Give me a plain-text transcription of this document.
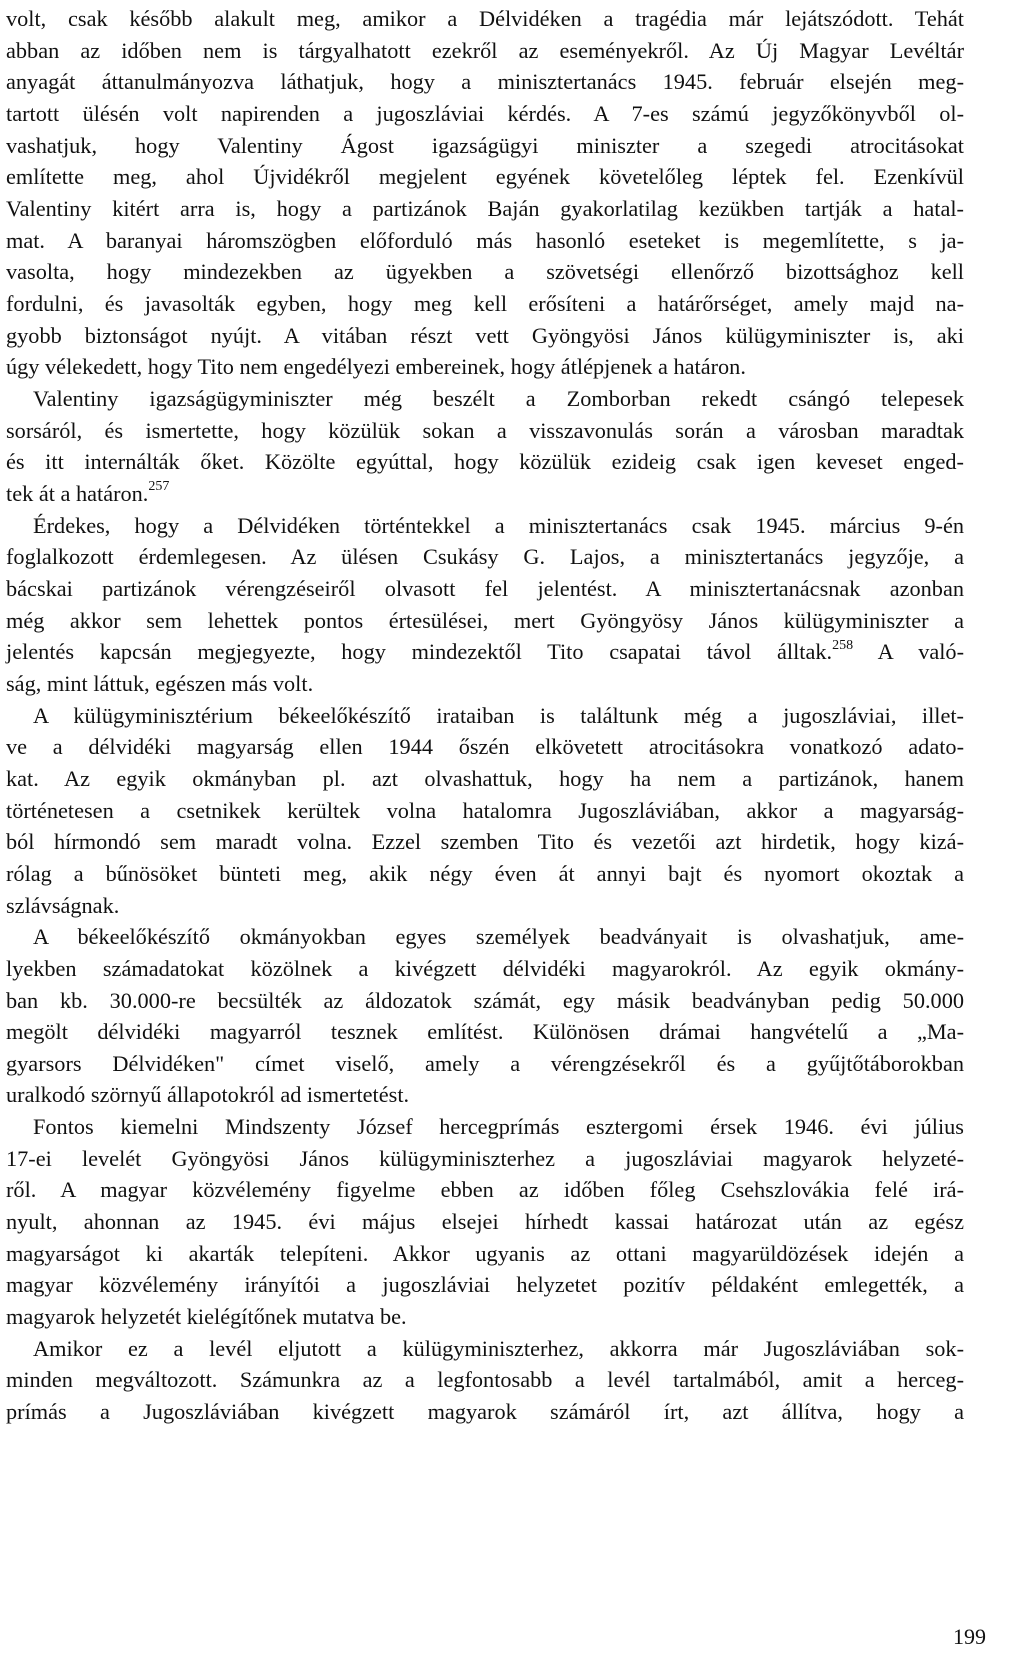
volt, csak később alakult meg, amikor a Délvidéken a tragédia már lejátszódott. Tehát
abban az időben nem is tárgyalhatott ezekről az eseményekről. Az Új Magyar Levéltár
anyagát áttanulmányozva láthatjuk, hogy a minisztertanács 1945. február elsején meg-
tartott ülésén volt napirenden a jugoszláviai kérdés. A 7-es számú jegyzőkönyvből ol-
vashatjuk, hogy Valentiny Ágost igazságügyi miniszter a szegedi atrocitásokat
említette meg, ahol Újvidékről megjelent egyének követelőleg léptek fel. Ezenkívül
Valentiny kitért arra is, hogy a partizánok Baján gyakorlatilag kezükben tartják a hatal-
mat. A baranyai háromszögben előforduló más hasonló eseteket is megemlítette, s ja-
vasolta, hogy mindezekben az ügyekben a szövetségi ellenőrző bizottsághoz kell
fordulni, és javasolták egyben, hogy meg kell erősíteni a határőrséget, amely majd na-
gyobb biztonságot nyújt. A vitában részt vett Gyöngyösi János külügyminiszter is, aki
úgy vélekedett, hogy Tito nem engedélyezi embereinek, hogy átlépjenek a határon.
Valentiny igazságügyminiszter még beszélt a Zomborban rekedt csángó telepesek
sorsáról, és ismertette, hogy közülük sokan a visszavonulás során a városban maradtak
és itt internálták őket. Közölte egyúttal, hogy közülük ezideig csak igen keveset enged-
tek át a határon.$^{257}$
Érdekes, hogy a Délvidéken történtekkel a minisztertanács csak 1945. március 9-én
foglalkozott érdemlegesen. Az ülésen Csukásy G. Lajos, a minisztertanács jegyzője, a
bácskai partizánok vérengzéseiről olvasott fel jelentést. A minisztertanácsnak azonban
még akkor sem lehettek pontos értesülései, mert Gyöngyösy János külügyminiszter a
jelentés kapcsán megjegyezte, hogy mindezektől Tito csapatai távol álltak.$^{258}$ A való-
ság, mint láttuk, egészen más volt.
A külügyminisztérium békeelőkészítő irataiban is találtunk még a jugoszláviai, illet-
ve a délvidéki magyarság ellen 1944 őszén elkövetett atrocitásokra vonatkozó adato-
kat. Az egyik okmányban pl. azt olvashattuk, hogy ha nem a partizánok, hanem
történetesen a csetnikek kerültek volna hatalomra Jugoszláviában, akkor a magyarság-
ból hírmondó sem maradt volna. Ezzel szemben Tito és vezetői azt hirdetik, hogy kizá-
rólag a bűnösöket bünteti meg, akik négy éven át annyi bajt és nyomort okoztak a
szlávságnak.
A békeelőkészítő okmányokban egyes személyek beadványait is olvashatjuk, ame-
lyekben számadatokat közölnek a kivégzett délvidéki magyarokról. Az egyik okmány-
ban kb. 30.000-re becsülték az áldozatok számát, egy másik beadványban pedig 50.000
megölt délvidéki magyarról tesznek említést. Különösen drámai hangvételű a „Ma-
gyarsors Délvidéken" címet viselő, amely a vérengzésekről és a gyűjtőtáborokban
uralkodó szörnyű állapotokról ad ismertetést.
Fontos kiemelni Mindszenty József hercegprímás esztergomi érsek 1946. évi július
17-ei levelét Gyöngyösi János külügyminiszterhez a jugoszláviai magyarok helyzeté-
ről. A magyar közvélemény figyelme ebben az időben főleg Csehszlovákia felé irá-
nyult, ahonnan az 1945. évi május elsejei hírhedt kassai határozat után az egész
magyarságot ki akarták telepíteni. Akkor ugyanis az ottani magyarüldözések idején a
magyar közvélemény irányítói a jugoszláviai helyzetet pozitív példaként emlegették, a
magyarok helyzetét kielégítőnek mutatva be.
Amikor ez a levél eljutott a külügyminiszterhez, akkorra már Jugoszláviában sok-
minden megváltozott. Számunkra az a legfontosabb a levél tartalmából, amit a herceg-
prímás a Jugoszláviában kivégzett magyarok számáról írt, azt állítva, hogy a
199
